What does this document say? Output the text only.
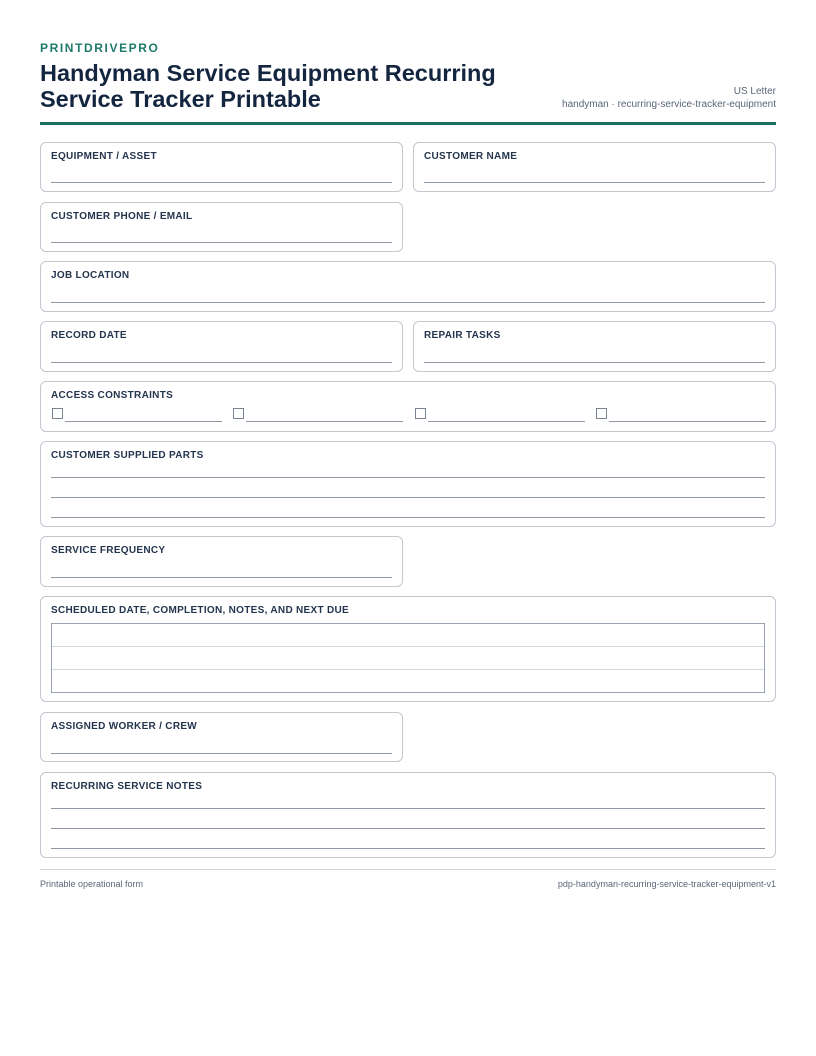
PRINTDRIVEPRO
Handyman Service Equipment Recurring Service Tracker Printable	US Letter
handyman · recurring-service-tracker-equipment
EQUIPMENT / ASSET	CUSTOMER NAME
CUSTOMER PHONE / EMAIL
JOB LOCATION
RECORD DATE	REPAIR TASKS
ACCESS CONSTRAINTS
CUSTOMER SUPPLIED PARTS
SERVICE FREQUENCY
SCHEDULED DATE, COMPLETION, NOTES, AND NEXT DUE
ASSIGNED WORKER / CREW
RECURRING SERVICE NOTES
Printable operational form	pdp-handyman-recurring-service-tracker-equipment-v1
